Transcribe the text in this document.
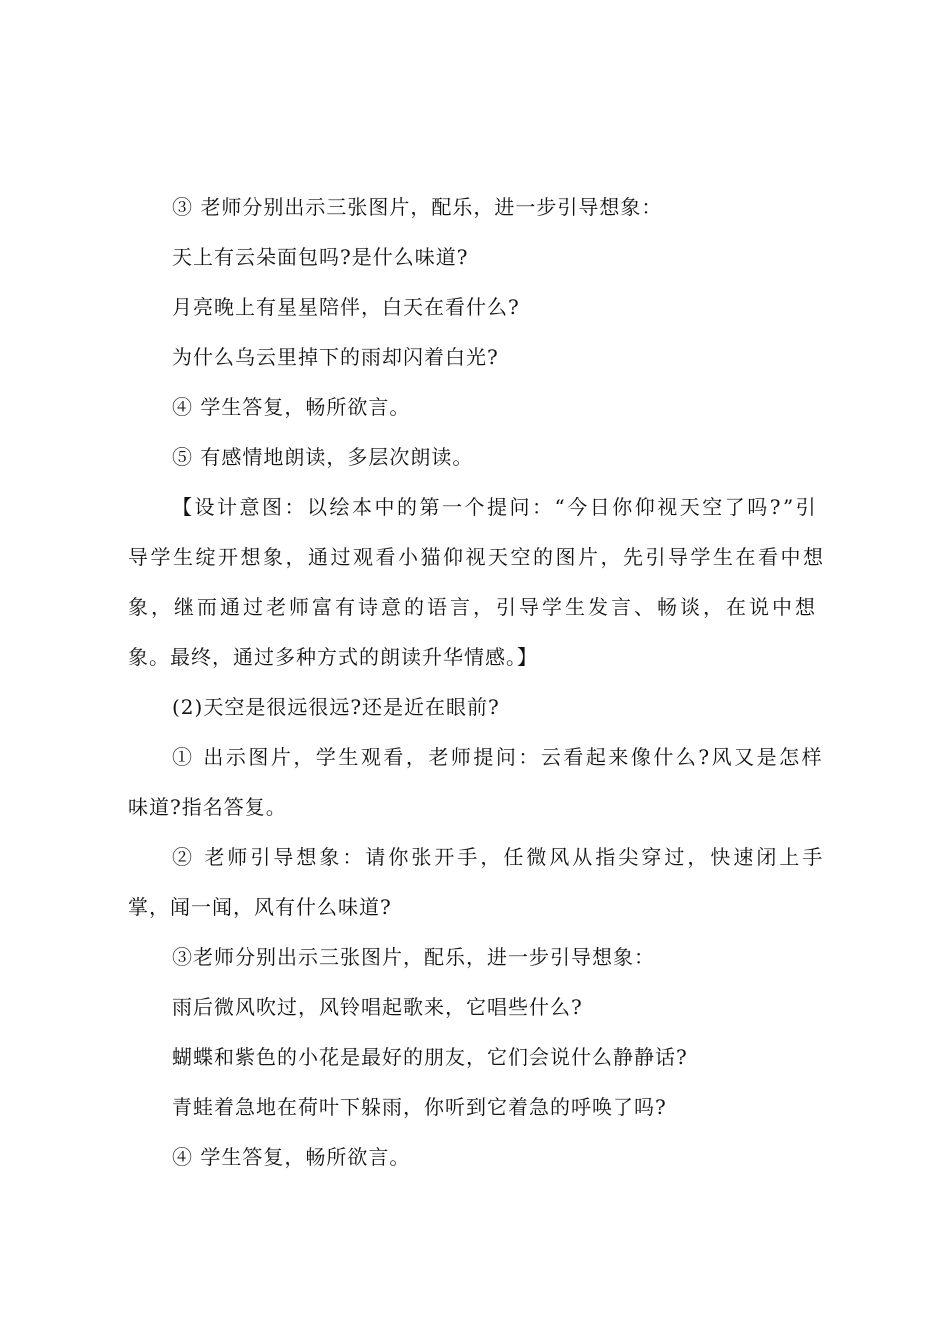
③ 老师分别出示三张图片，配乐，进一步引导想象：
天上有云朵面包吗?是什么味道?
月亮晚上有星星陪伴，白天在看什么?
为什么乌云里掉下的雨却闪着白光?
④ 学生答复，畅所欲言。
⑤ 有感情地朗读，多层次朗读。
【设计意图：以绘本中的第一个提问：“今日你仰视天空了吗?”引
导学生绽开想象，通过观看小猫仰视天空的图片，先引导学生在看中想
象，继而通过老师富有诗意的语言，引导学生发言、畅谈，在说中想
象。最终，通过多种方式的朗读升华情感。】
(2)天空是很远很远?还是近在眼前?
① 出示图片，学生观看，老师提问：云看起来像什么?风又是怎样
味道?指名答复。
② 老师引导想象：请你张开手，任微风从指尖穿过，快速闭上手
掌，闻一闻，风有什么味道?
③老师分别出示三张图片，配乐，进一步引导想象：
雨后微风吹过，风铃唱起歌来，它唱些什么?
蝴蝶和紫色的小花是最好的朋友，它们会说什么静静话?
青蛙着急地在荷叶下躲雨，你听到它着急的呼唤了吗?
④ 学生答复，畅所欲言。
